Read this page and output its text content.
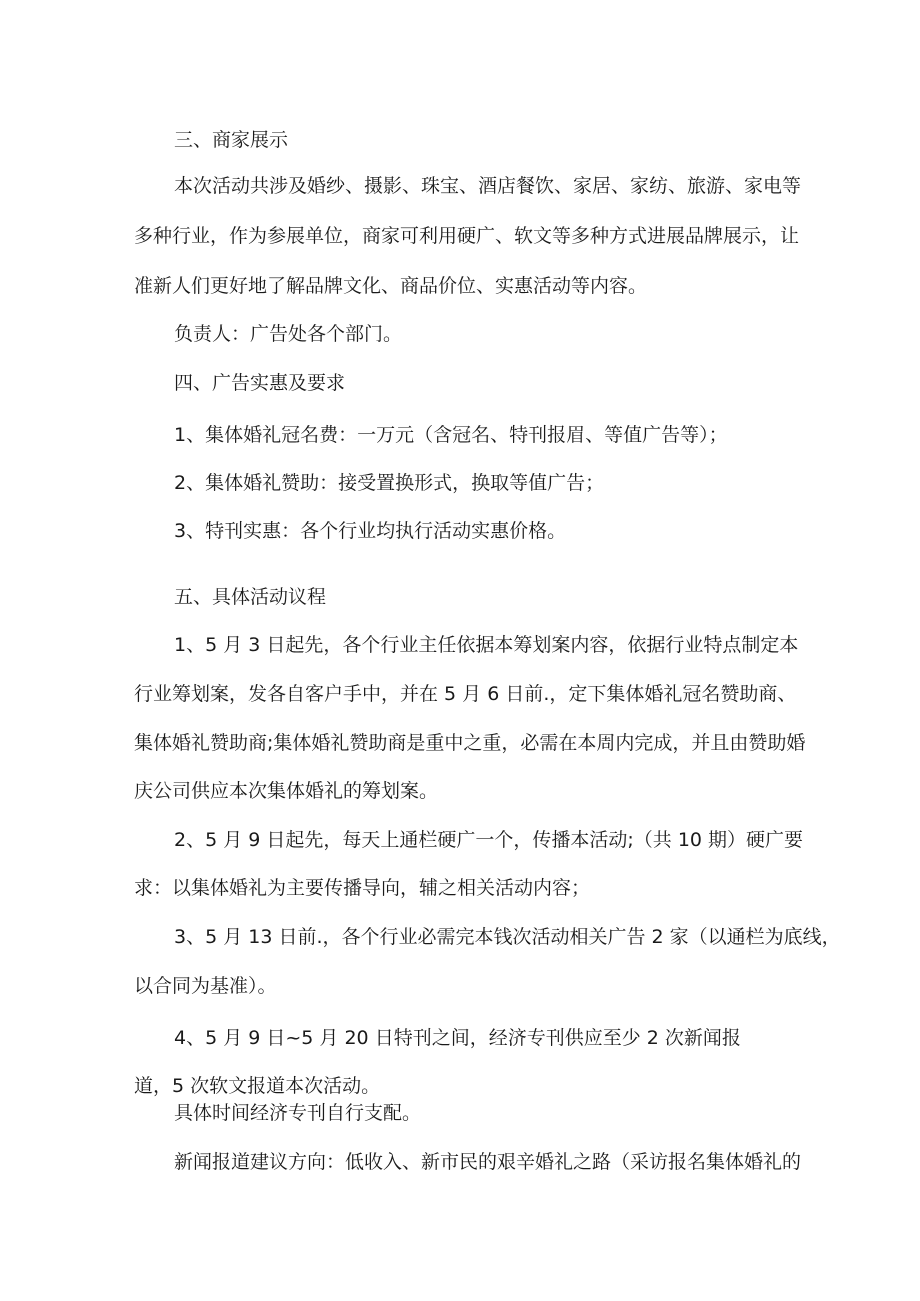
三、商家展示

本次活动共涉及婚纱、摄影、珠宝、酒店餐饮、家居、家纺、旅游、家电等

多种行业，作为参展单位，商家可利用硬广、软文等多种方式进展品牌展示，让

准新人们更好地了解品牌文化、商品价位、实惠活动等内容。

负责人：广告处各个部门。

四、广告实惠及要求

1、集体婚礼冠名费：一万元（含冠名、特刊报眉、等值广告等）；

2、集体婚礼赞助：接受置换形式，换取等值广告；

3、特刊实惠：各个行业均执行活动实惠价格。

五、具体活动议程

1、5 月 3 日起先，各个行业主任依据本筹划案内容，依据行业特点制定本

行业筹划案，发各自客户手中，并在 5 月 6 日前.，定下集体婚礼冠名赞助商、

集体婚礼赞助商;集体婚礼赞助商是重中之重，必需在本周内完成，并且由赞助婚

庆公司供应本次集体婚礼的筹划案。

2、5 月 9 日起先，每天上通栏硬广一个，传播本活动;（共 10 期）硬广要

求：以集体婚礼为主要传播导向，辅之相关活动内容；

3、5 月 13 日前.，各个行业必需完本钱次活动相关广告 2 家（以通栏为底线，

以合同为基准）。

4、5 月 9 日~5 月 20 日特刊之间，经济专刊供应至少 2 次新闻报

道，5 次软文报道本次活动。

具体时间经济专刊自行支配。

新闻报道建议方向：低收入、新市民的艰辛婚礼之路（采访报名集体婚礼的
